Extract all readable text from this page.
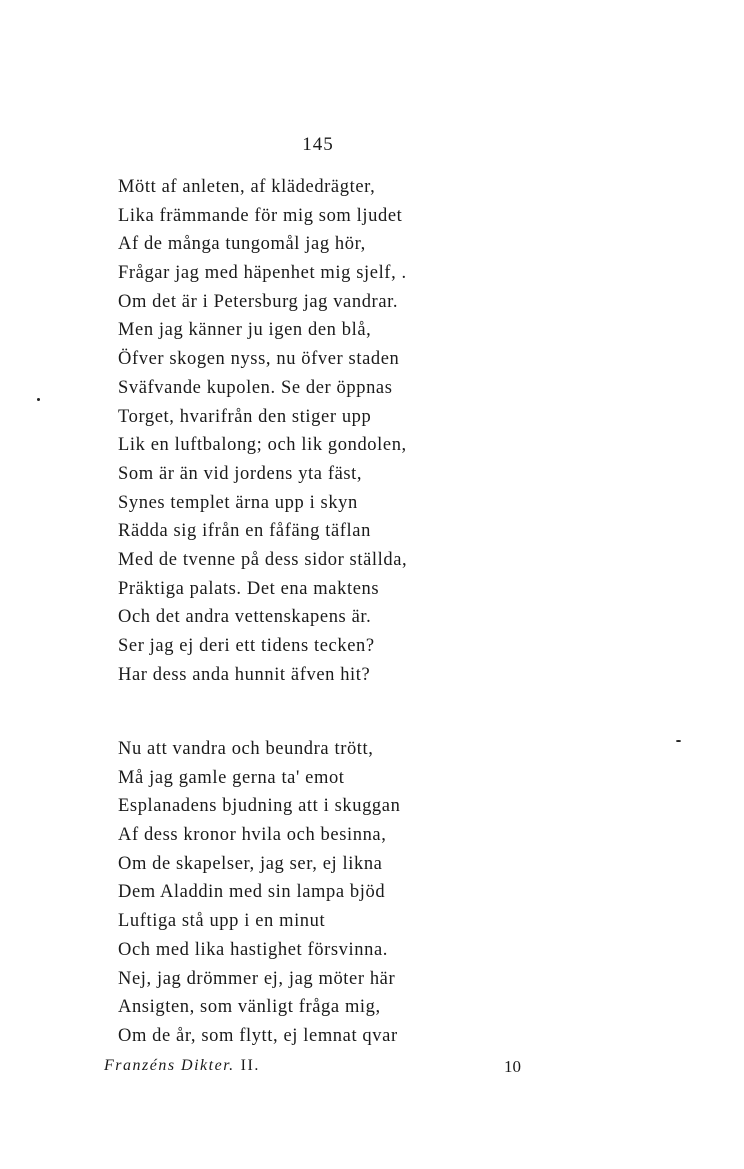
145
Mött af anleten, af klädedrägter,
Lika främmande för mig som ljudet
Af de många tungomål jag hör,
Frågar jag med häpenhet mig sjelf, .
Om det är i Petersburg jag vandrar.
Men jag känner ju igen den blå,
Öfver skogen nyss, nu öfver staden
Sväfvande kupolen. Se der öppnas
Torget, hvarifrån den stiger upp
Lik en luftbalong; och lik gondolen,
Som är än vid jordens yta fäst,
Synes templet ärna upp i skyn
Rädda sig ifrån en fåfäng täflan
Med de tvenne på dess sidor ställda,
Präktiga palats. Det ena maktens
Och det andra vettenskapens är.
Ser jag ej deri ett tidens tecken?
Har dess anda hunnit äfven hit?
Nu att vandra och beundra trött,
Må jag gamle gerna ta' emot
Esplanadens bjudning att i skuggan
Af dess kronor hvila och besinna,
Om de skapelser, jag ser, ej likna
Dem Aladdin med sin lampa bjöd
Luftiga stå upp i en minut
Och med lika hastighet försvinna.
Nej, jag drömmer ej, jag möter här
Ansigten, som vänligt fråga mig,
Om de år, som flytt, ej lemnat qvar
Franzéns Dikter. II.	10
